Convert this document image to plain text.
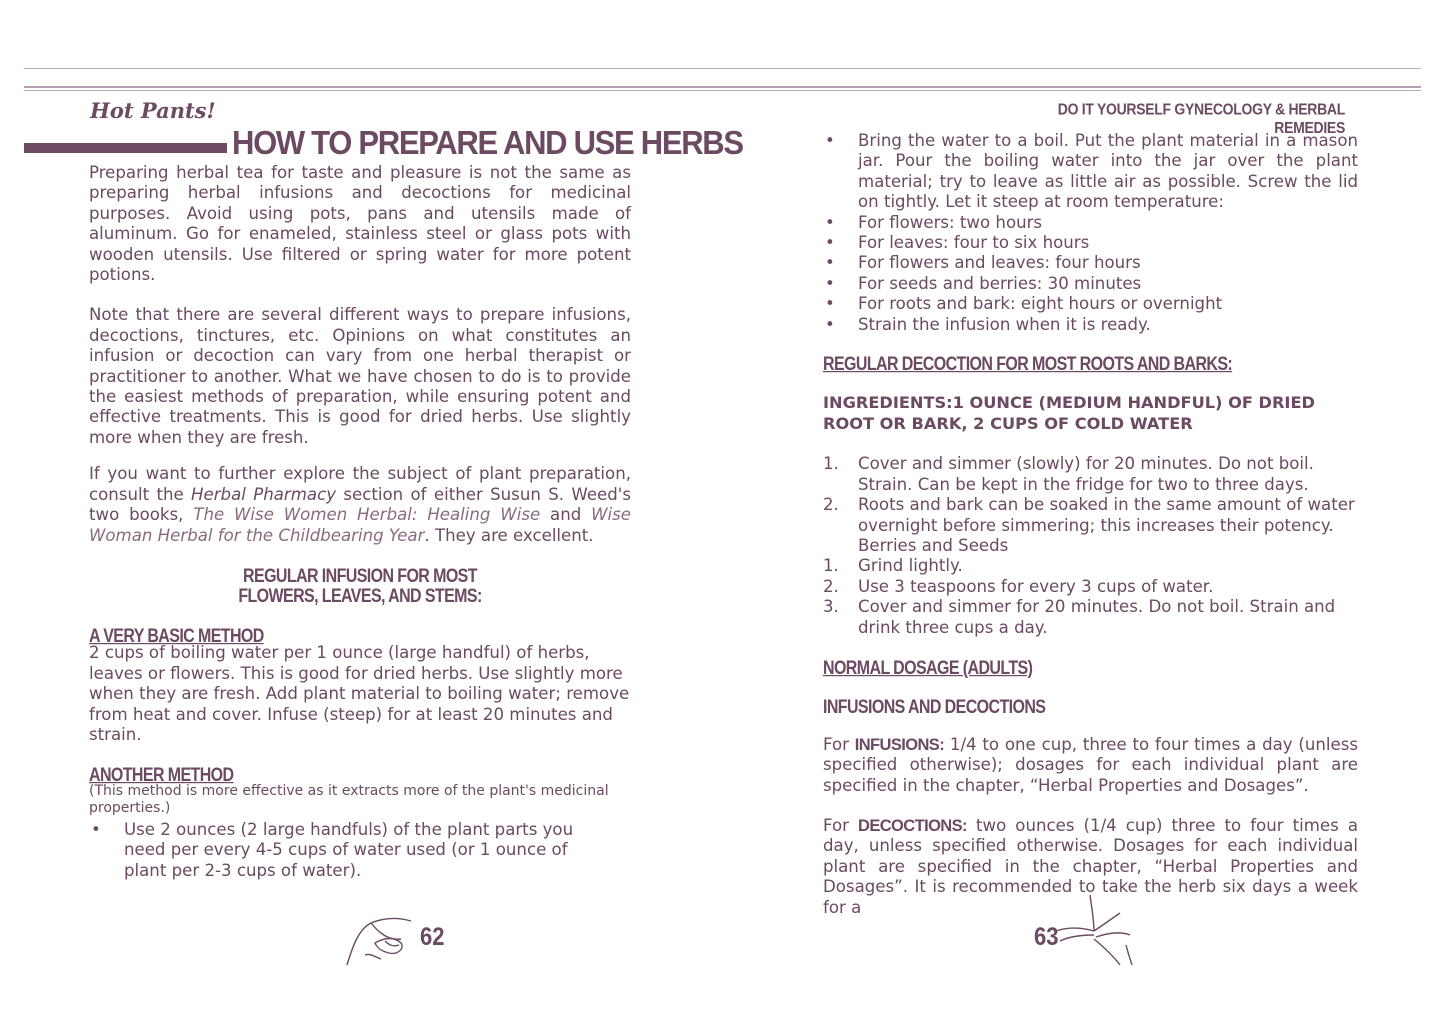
Hot Pants!	DO IT YOURSELF GYNECOLOGY & HERBAL REMEDIES
HOW TO PREPARE AND USE HERBS

Preparing herbal tea for taste and pleasure is not the same as preparing herbal infusions and decoctions for medicinal purposes. Avoid using pots, pans and utensils made of aluminum. Go for enameled, stainless steel or glass pots with wooden utensils. Use filtered or spring water for more potent potions.

Note that there are several different ways to prepare infusions, decoctions, tinctures, etc. Opinions on what constitutes an infusion or decoction can vary from one herbal therapist or practitioner to another. What we have chosen to do is to provide the easiest methods of preparation, while ensuring potent and effective treatments. This is good for dried herbs. Use slightly more when they are fresh.

If you want to further explore the subject of plant preparation, consult the Herbal Pharmacy section of either Susun S. Weed's two books, The Wise Women Herbal: Healing Wise and Wise Woman Herbal for the Childbearing Year. They are excellent.

REGULAR INFUSION FOR MOST
FLOWERS, LEAVES, AND STEMS:
A VERY BASIC METHOD

2 cups of boiling water per 1 ounce (large handful) of herbs, leaves or flowers. This is good for dried herbs. Use slightly more when they are fresh. Add plant material to boiling water; remove from heat and cover. Infuse (steep) for at least 20 minutes and strain.

ANOTHER METHOD

(This method is more effective as it extracts more of the plant's medicinal properties.)

•	Use 2 ounces (2 large handfuls) of the plant parts you need per every 4-5 cups of water used (or 1 ounce of plant per 2-3 cups of water).
62
•	Bring the water to a boil. Put the plant material in a mason jar. Pour the boiling water into the jar over the plant material; try to leave as little air as possible. Screw the lid on tightly. Let it steep at room temperature:
•	For flowers: two hours
•	For leaves: four to six hours
•	For flowers and leaves: four hours
•	For seeds and berries: 30 minutes
•	For roots and bark: eight hours or overnight
•	Strain the infusion when it is ready.
REGULAR DECOCTION FOR MOST ROOTS AND BARKS:

INGREDIENTS:1 OUNCE (MEDIUM HANDFUL) OF DRIED ROOT OR BARK, 2 CUPS OF COLD WATER

1.	Cover and simmer (slowly) for 20 minutes. Do not boil. Strain. Can be kept in the fridge for two to three days.
2.	Roots and bark can be soaked in the same amount of water overnight before simmering; this increases their potency.
Berries and Seeds
1.	Grind lightly.
2.	Use 3 teaspoons for every 3 cups of water.
3.	Cover and simmer for 20 minutes. Do not boil. Strain and drink three cups a day.
NORMAL DOSAGE (ADULTS)
INFUSIONS AND DECOCTIONS

For INFUSIONS: 1/4 to one cup, three to four times a day (unless specified otherwise); dosages for each individual plant are specified in the chapter, “Herbal Properties and Dosages”.

For DECOCTIONS: two ounces (1/4 cup) three to four times a day, unless specified otherwise. Dosages for each individual plant are specified in the chapter, “Herbal Properties and Dosages”. It is recommended to take the herb six days a week for a

63
